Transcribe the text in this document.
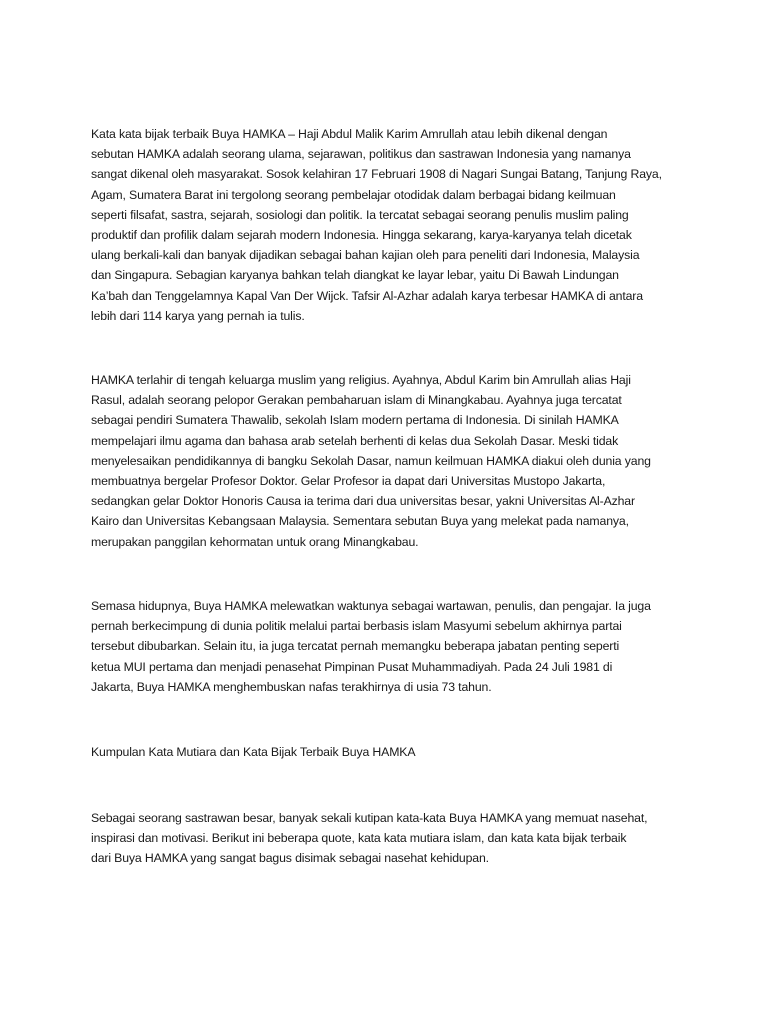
Kata kata bijak terbaik Buya HAMKA – Haji Abdul Malik Karim Amrullah atau lebih dikenal dengan
sebutan HAMKA adalah seorang ulama, sejarawan, politikus dan sastrawan Indonesia yang namanya
sangat dikenal oleh masyarakat. Sosok kelahiran 17 Februari 1908 di Nagari Sungai Batang, Tanjung Raya,
Agam, Sumatera Barat ini tergolong seorang pembelajar otodidak dalam berbagai bidang keilmuan
seperti filsafat, sastra, sejarah, sosiologi dan politik. Ia tercatat sebagai seorang penulis muslim paling
produktif dan profilik dalam sejarah modern Indonesia. Hingga sekarang, karya-karyanya telah dicetak
ulang berkali-kali dan banyak dijadikan sebagai bahan kajian oleh para peneliti dari Indonesia, Malaysia
dan Singapura. Sebagian karyanya bahkan telah diangkat ke layar lebar, yaitu Di Bawah Lindungan
Ka’bah dan Tenggelamnya Kapal Van Der Wijck. Tafsir Al-Azhar adalah karya terbesar HAMKA di antara
lebih dari 114 karya yang pernah ia tulis.

HAMKA terlahir di tengah keluarga muslim yang religius. Ayahnya, Abdul Karim bin Amrullah alias Haji
Rasul, adalah seorang pelopor Gerakan pembaharuan islam di Minangkabau. Ayahnya juga tercatat
sebagai pendiri Sumatera Thawalib, sekolah Islam modern pertama di Indonesia. Di sinilah HAMKA
mempelajari ilmu agama dan bahasa arab setelah berhenti di kelas dua Sekolah Dasar. Meski tidak
menyelesaikan pendidikannya di bangku Sekolah Dasar, namun keilmuan HAMKA diakui oleh dunia yang
membuatnya bergelar Profesor Doktor. Gelar Profesor ia dapat dari Universitas Mustopo Jakarta,
sedangkan gelar Doktor Honoris Causa ia terima dari dua universitas besar, yakni Universitas Al-Azhar
Kairo dan Universitas Kebangsaan Malaysia. Sementara sebutan Buya yang melekat pada namanya,
merupakan panggilan kehormatan untuk orang Minangkabau.

Semasa hidupnya, Buya HAMKA melewatkan waktunya sebagai wartawan, penulis, dan pengajar. Ia juga
pernah berkecimpung di dunia politik melalui partai berbasis islam Masyumi sebelum akhirnya partai
tersebut dibubarkan. Selain itu, ia juga tercatat pernah memangku beberapa jabatan penting seperti
ketua MUI pertama dan menjadi penasehat Pimpinan Pusat Muhammadiyah. Pada 24 Juli 1981 di
Jakarta, Buya HAMKA menghembuskan nafas terakhirnya di usia 73 tahun.

Kumpulan Kata Mutiara dan Kata Bijak Terbaik Buya HAMKA

Sebagai seorang sastrawan besar, banyak sekali kutipan kata-kata Buya HAMKA yang memuat nasehat,
inspirasi dan motivasi. Berikut ini beberapa quote, kata kata mutiara islam, dan kata kata bijak terbaik
dari Buya HAMKA yang sangat bagus disimak sebagai nasehat kehidupan.
